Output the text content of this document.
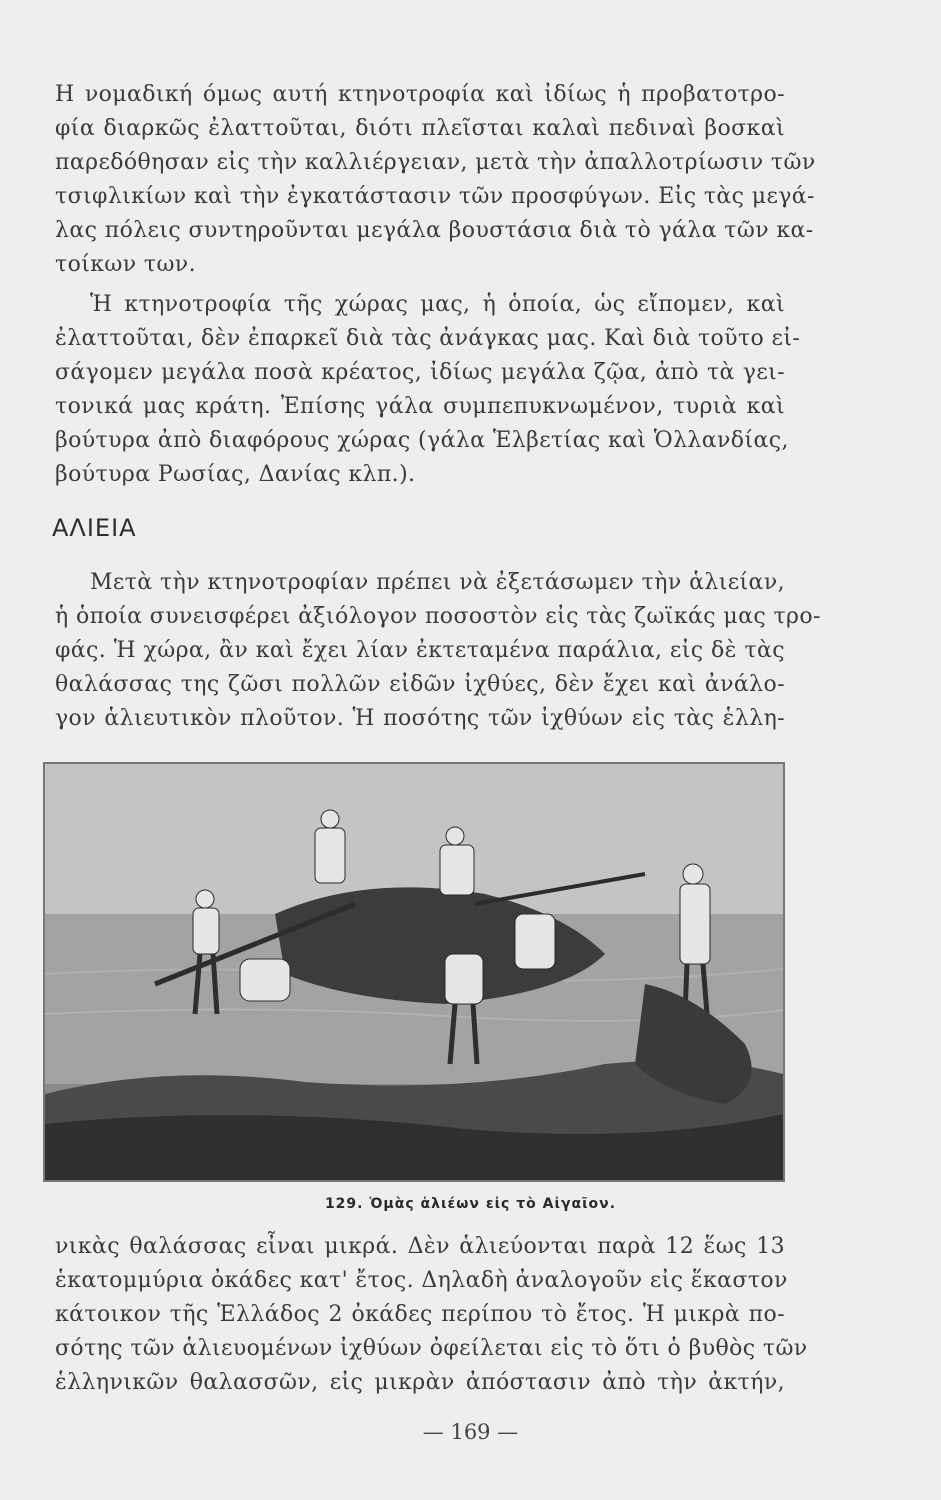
Η νομαδική όμως αυτή κτηνοτροφία καὶ ἰδίως ἡ προβατοτρο-
φία διαρκῶς ἐλαττοῦται, διότι πλεῖσται καλαὶ πεδιναὶ βοσκαὶ
παρεδόθησαν εἰς τὴν καλλιέργειαν, μετὰ τὴν ἀπαλλοτρίωσιν τῶν
τσιφλικίων καὶ τὴν ἐγκατάστασιν τῶν προσφύγων. Εἰς τὰς μεγά-
λας πόλεις συντηροῦνται μεγάλα βουστάσια διὰ τὸ γάλα τῶν κα-
τοίκων των.
Ἡ κτηνοτροφία τῆς χώρας μας, ἡ ὁποία, ὡς εἴπομεν, καὶ
ἐλαττοῦται, δὲν ἐπαρκεῖ διὰ τὰς ἀνάγκας μας. Καὶ διὰ τοῦτο εἰ-
σάγομεν μεγάλα ποσὰ κρέατος, ἰδίως μεγάλα ζῷα, ἀπὸ τὰ γει-
τονικά μας κράτη. Ἐπίσης γάλα συμπεπυκνωμένον, τυριὰ καὶ
βούτυρα ἀπὸ διαφόρους χώρας (γάλα Ἑλβετίας καὶ Ὁλλανδίας,
βούτυρα Ρωσίας, Δανίας κλπ.).
ΑΛΙΕΙΑ
Μετὰ τὴν κτηνοτροφίαν πρέπει νὰ ἐξετάσωμεν τὴν ἁλιείαν,
ἡ ὁποία συνεισφέρει ἀξιόλογον ποσοστὸν εἰς τὰς ζωϊκάς μας τρο-
φάς. Ἡ χώρα, ἂν καὶ ἔχει λίαν ἐκτεταμένα παράλια, εἰς δὲ τὰς
θαλάσσας της ζῶσι πολλῶν εἰδῶν ἰχθύες, δὲν ἔχει καὶ ἀνάλο-
γον ἁλιευτικὸν πλοῦτον. Ἡ ποσότης τῶν ἰχθύων εἰς τὰς ἑλλη-
129. Ὁμὰς ἁλιέων εἰς τὸ Αἰγαῖον.
νικὰς θαλάσσας εἶναι μικρά. Δὲν ἁλιεύονται παρὰ 12 ἕως 13
ἑκατομμύρια ὀκάδες κατ' ἔτος. Δηλαδὴ ἀναλογοῦν εἰς ἕκαστον
κάτοικον τῆς Ἑλλάδος 2 ὀκάδες περίπου τὸ ἔτος. Ἡ μικρὰ πο-
σότης τῶν ἁλιευομένων ἰχθύων ὀφείλεται εἰς τὸ ὅτι ὁ βυθὸς τῶν
ἑλληνικῶν θαλασσῶν, εἰς μικρὰν ἀπόστασιν ἀπὸ τὴν ἀκτήν,
— 169 —
